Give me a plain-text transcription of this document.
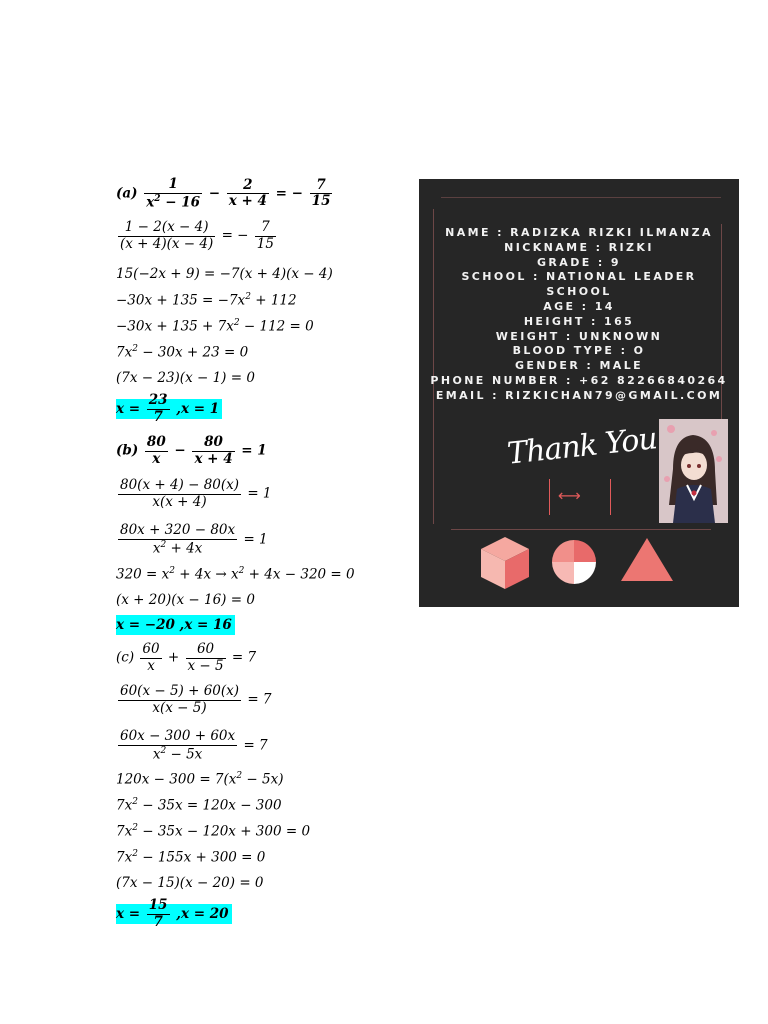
$(a) \frac{1}{x^2 - 16} - \frac{2}{x + 4}$ = − $\frac{7}{15}$
$\frac{1 - 2(x - 4)}{(x + 4)(x - 4)}$ = − $\frac{7}{15}$
15(−2x + 9) = −7(x + 4)(x − 4)
$-30x + 135 = -7x^2 + 112$
$-30x + 135 + 7x^2 - 112 = 0$
$7x^2 - 30x + 23 = 0$
(7x − 23)(x − 1) = 0
$x = \frac{23}{7} ,x = 1$
$(b) \frac{80}{x} - \frac{80}{x + 4} = 1$
$\frac{80(x + 4) - 80(x)}{x(x + 4)} = 1$
$\frac{80x + 320 - 80x}{x^2 + 4x} = 1$
$320 = x^2 + 4x \to x^2 + 4x - 320 = 0$
(x + 20)(x − 16) = 0
x = −20 ,x = 16
$(c) \frac{60}{x} + \frac{60}{x - 5} = 7$
$\frac{60(x - 5) + 60(x)}{x(x - 5)} = 7$
$\frac{60x - 300 + 60x}{x^2 - 5x} = 7$
$120x - 300 = 7(x^2 - 5x)$
$7x^2 - 35x = 120x - 300$
$7x^2 - 35x - 120x + 300 = 0$
$7x^2 - 155x + 300 = 0$
(7x − 15)(x − 20) = 0
$x = \frac{15}{7} ,x = 20$
NAME : RADIZKA RIZKI ILMANZA
NICKNAME : RIZKI
GRADE : 9
SCHOOL : NATIONAL LEADER
SCHOOL
AGE : 14
HEIGHT : 165
WEIGHT : UNKNOWN
BLOOD TYPE : O
GENDER : MALE
PHONE NUMBER : +62 82266840264
EMAIL : RIZKICHAN79@GMAIL.COM
Thank You
⟷
